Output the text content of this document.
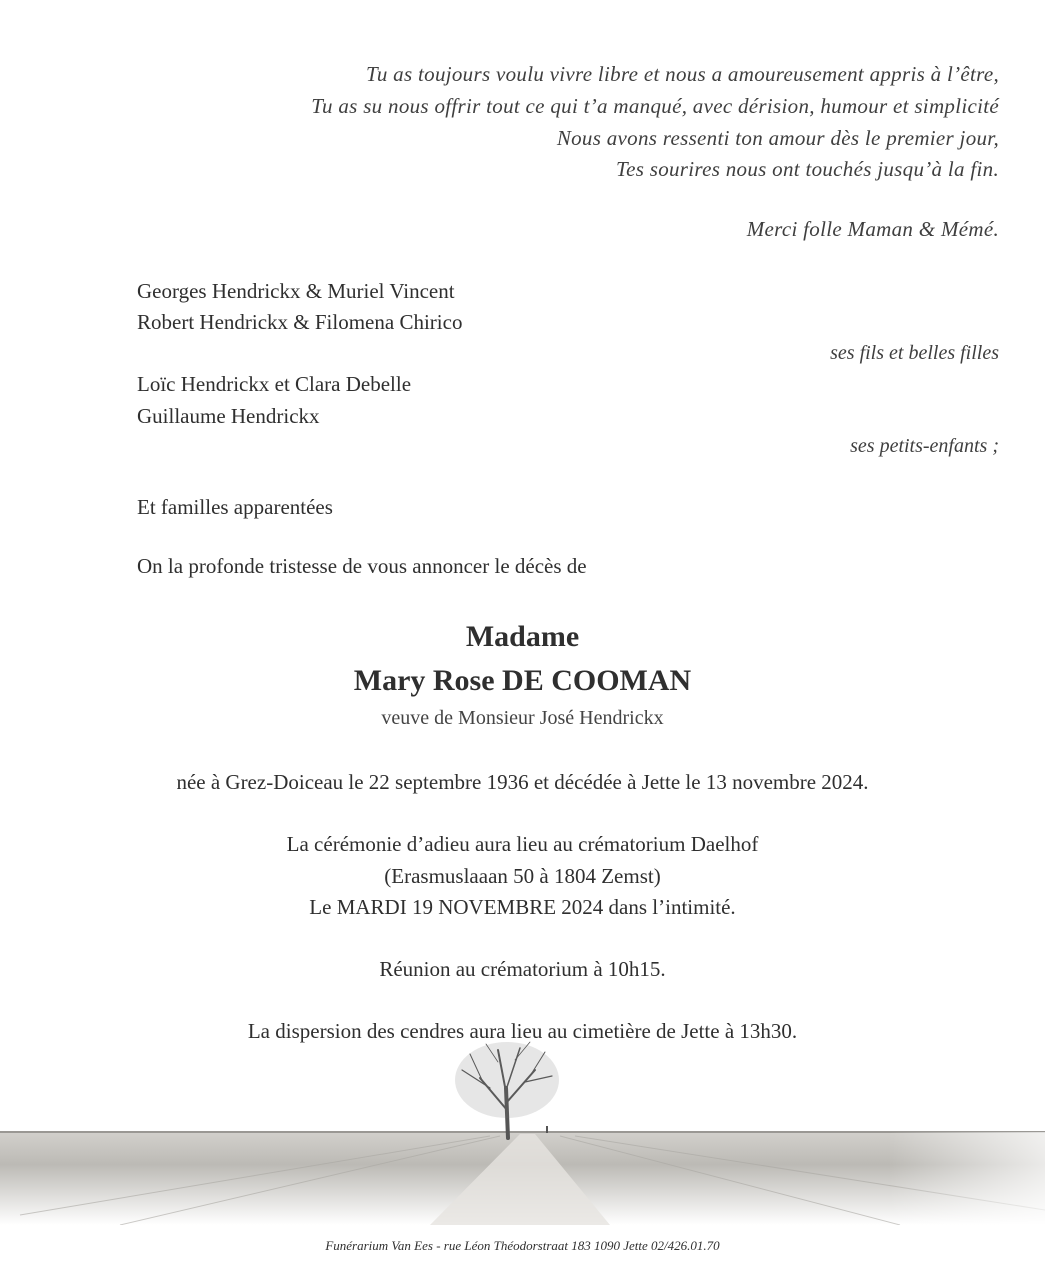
Tu as toujours voulu vivre libre et nous a amoureusement appris à l’être,
Tu as su nous offrir tout ce qui t’a manqué, avec dérision, humour et simplicité
Nous avons ressenti ton amour dès le premier jour,
Tes sourires nous ont touchés jusqu’à la fin.
Merci folle Maman & Mémé.
Georges Hendrickx & Muriel Vincent
Robert Hendrickx & Filomena Chirico
ses fils et belles filles
Loïc Hendrickx et Clara Debelle
Guillaume Hendrickx
ses petits-enfants ;
Et familles apparentées
On la profonde tristesse de vous annoncer le décès de
Madame
Mary Rose DE COOMAN
veuve de Monsieur José Hendrickx
née à Grez-Doiceau le 22 septembre 1936 et décédée à Jette le 13 novembre 2024.
La cérémonie d’adieu aura lieu au crématorium Daelhof
(Erasmuslaaan 50 à 1804 Zemst)
Le MARDI 19 NOVEMBRE 2024 dans l’intimité.
Réunion au crématorium à 10h15.
La dispersion des cendres aura lieu au cimetière de Jette à 13h30.
Funérarium Van Ees - rue Léon Théodorstraat 183 1090 Jette 02/426.01.70
